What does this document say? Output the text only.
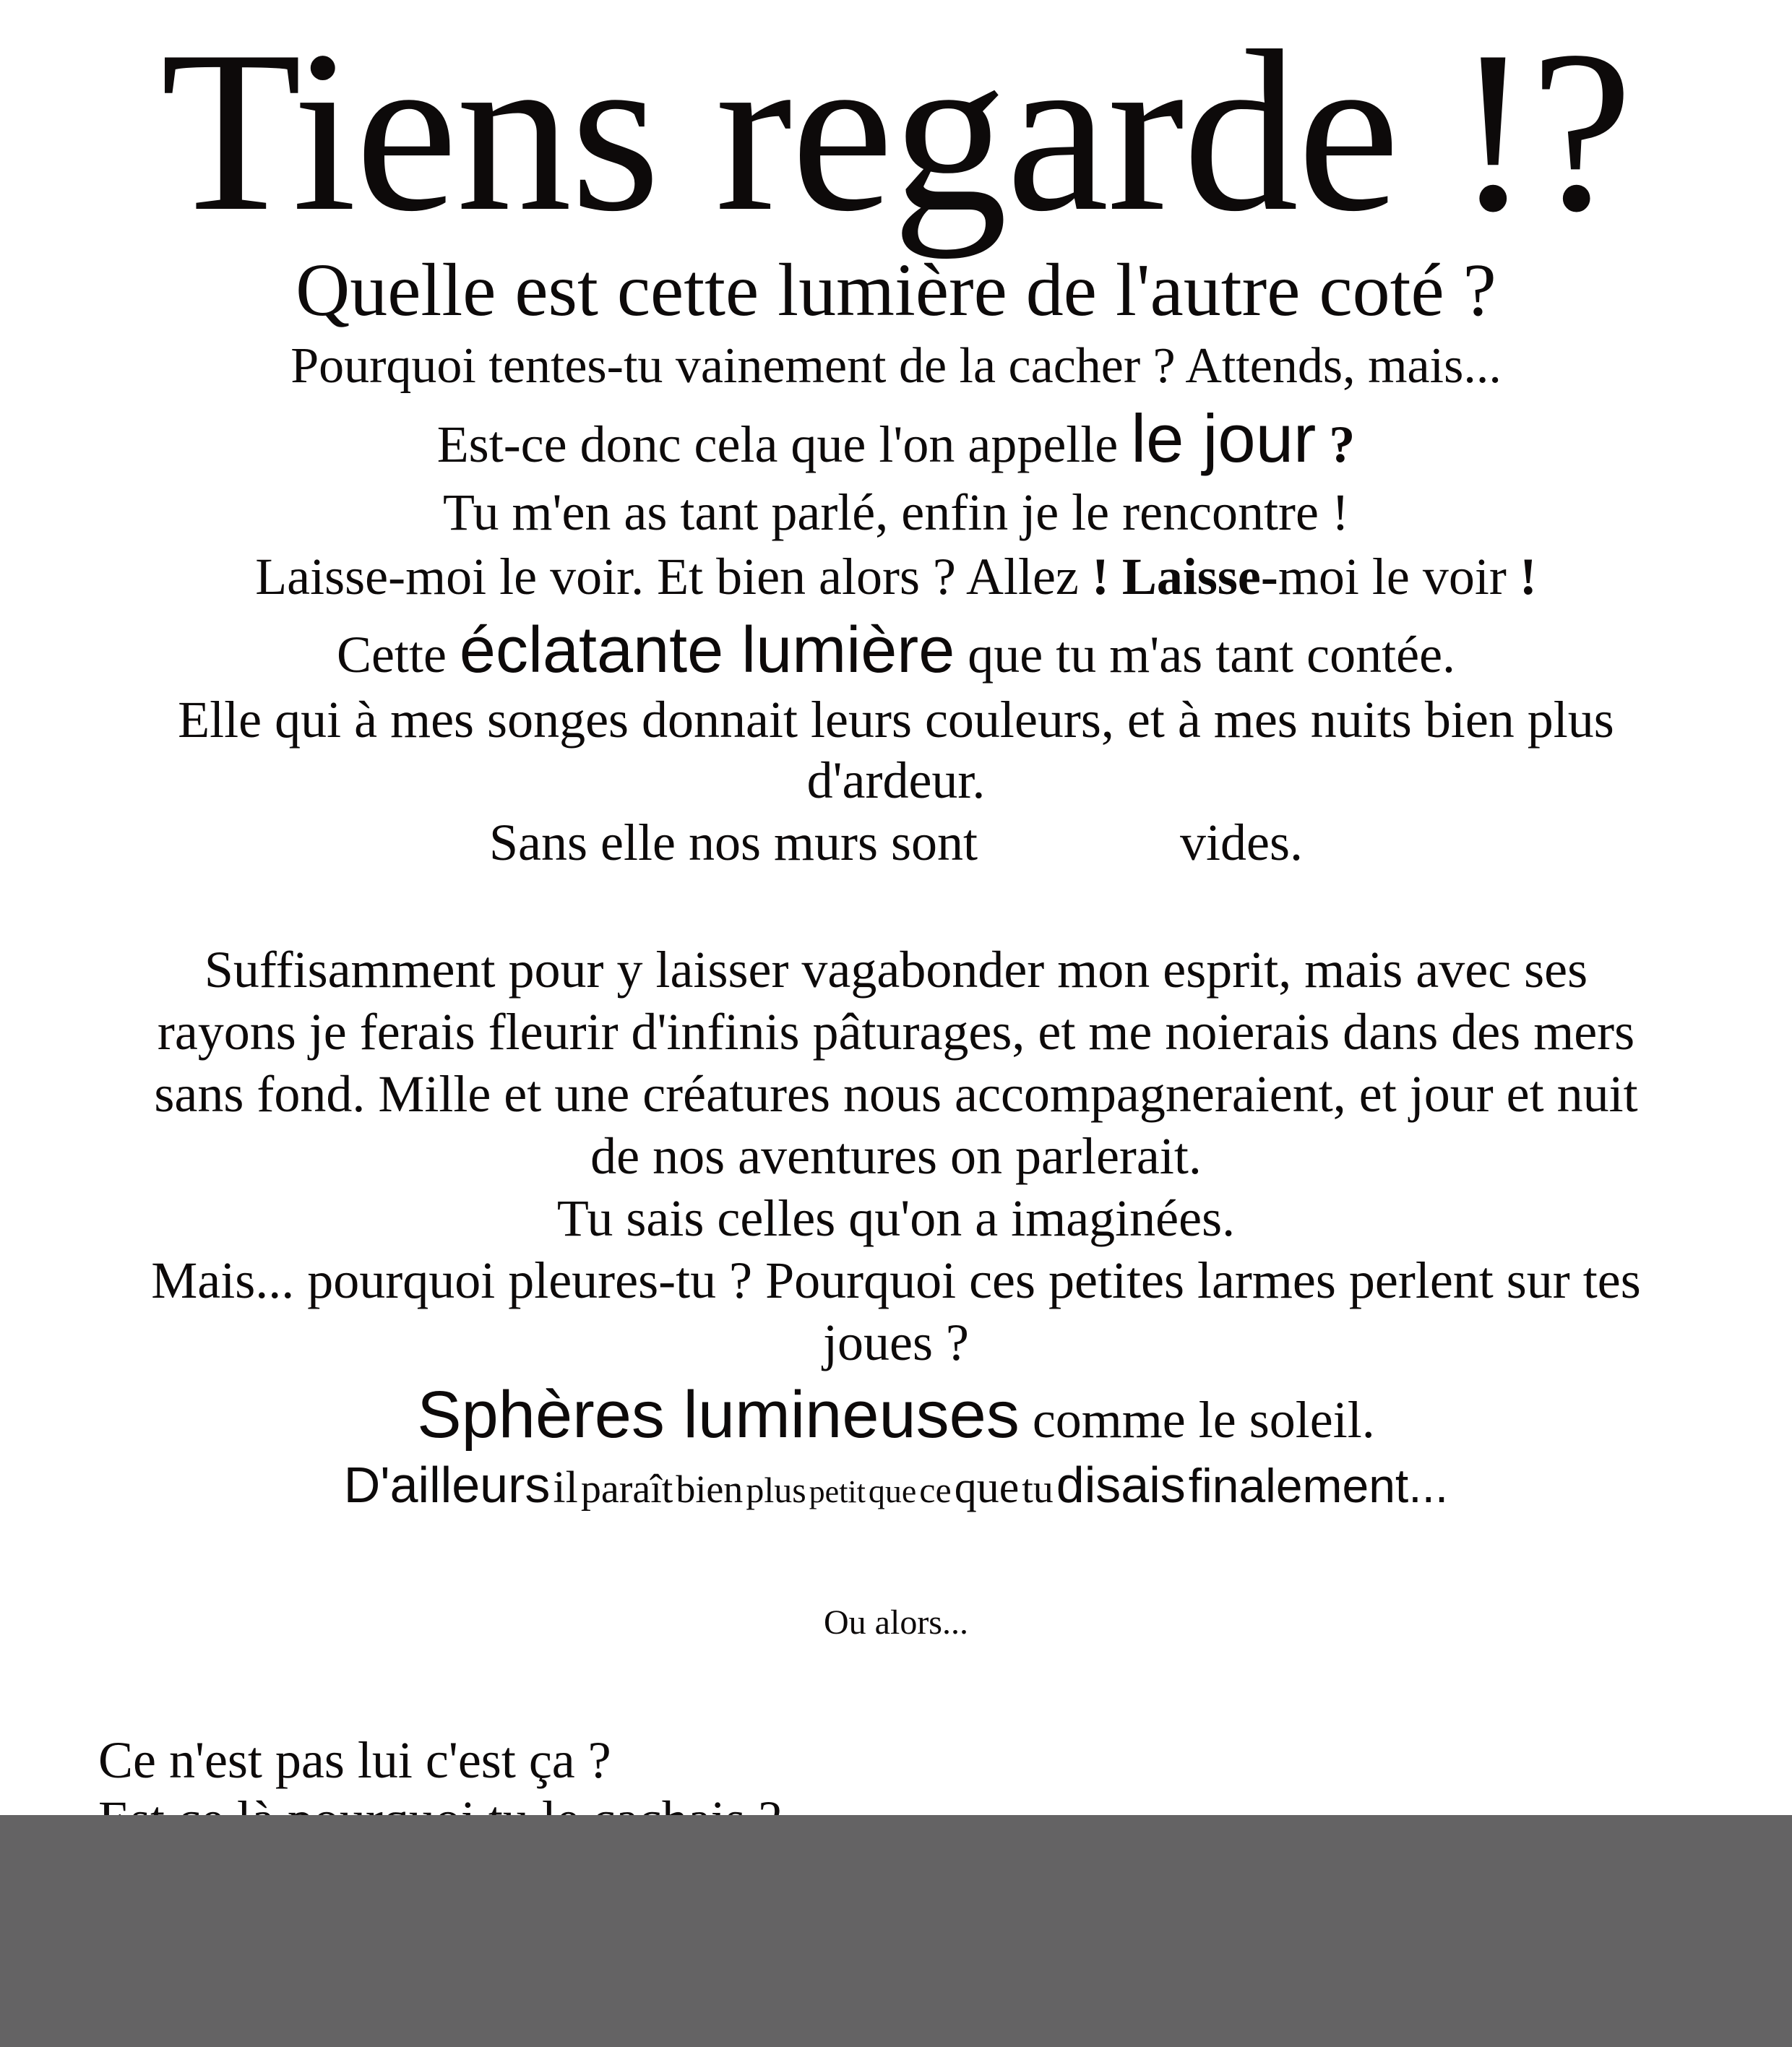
Tiens regarde !?
Quelle est cette lumière de l'autre coté ?
Pourquoi tentes-tu vainement de la cacher ? Attends, mais...
Est-ce donc cela que l'on appelle le jour ?
Tu m'en as tant parlé, enfin je le rencontre !
Laisse-moi le voir. Et bien alors ? Allez ! Laisse-moi le voir !
Cette éclatante lumière que tu m'as tant contée.
Elle qui à mes songes donnait leurs couleurs, et à mes nuits bien plus
d'ardeur.
Sans elle nos murs sont	vides.
Suffisamment pour y laisser vagabonder mon esprit, mais avec ses
rayons je ferais fleurir d'infinis pâturages, et me noierais dans des mers
sans fond. Mille et une créatures nous accompagneraient, et jour et nuit
de nos aventures on parlerait.
Tu sais celles qu'on a imaginées.
Mais... pourquoi pleures-tu ? Pourquoi ces petites larmes perlent sur tes
joues ?
Sphères lumineuses comme le soleil.
D'ailleurs il paraît bien plus petit que ce que tu disais finalement...
Ou alors...
Ce n'est pas lui c'est ça ?
